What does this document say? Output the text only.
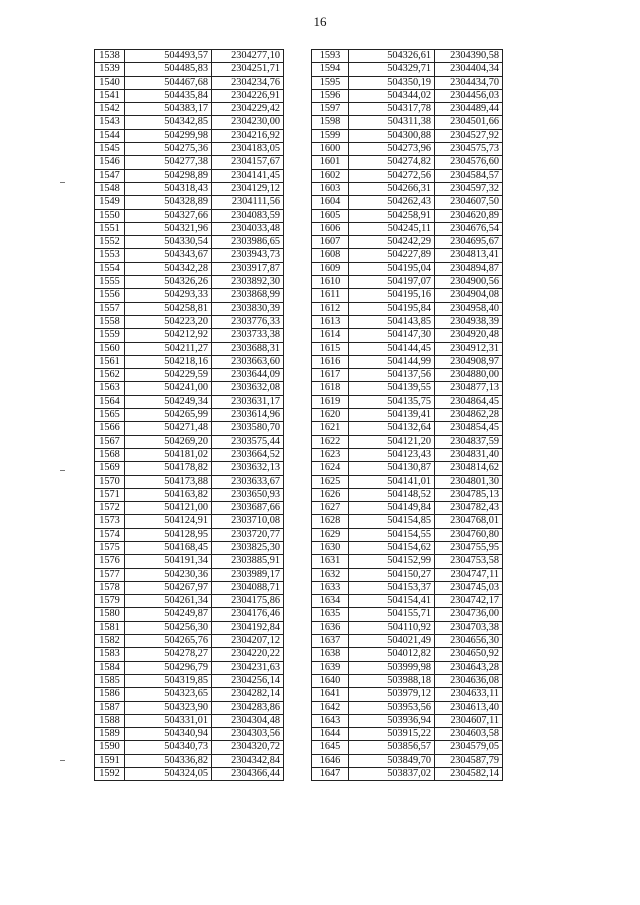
16
1538	504493,57	2304277,10
1539	504485,83	2304251,71
1540	504467,68	2304234,76
1541	504435,84	2304226,91
1542	504383,17	2304229,42
1543	504342,85	2304230,00
1544	504299,98	2304216,92
1545	504275,36	2304183,05
1546	504277,38	2304157,67
1547	504298,89	2304141,45
1548	504318,43	2304129,12
1549	504328,89	2304111,56
1550	504327,66	2304083,59
1551	504321,96	2304033,48
1552	504330,54	2303986,65
1553	504343,67	2303943,73
1554	504342,28	2303917,87
1555	504326,26	2303892,30
1556	504293,33	2303868,99
1557	504258,81	2303830,39
1558	504223,20	2303776,33
1559	504212,92	2303733,38
1560	504211,27	2303688,31
1561	504218,16	2303663,60
1562	504229,59	2303644,09
1563	504241,00	2303632,08
1564	504249,34	2303631,17
1565	504265,99	2303614,96
1566	504271,48	2303580,70
1567	504269,20	2303575,44
1568	504181,02	2303664,52
1569	504178,82	2303632,13
1570	504173,88	2303633,67
1571	504163,82	2303650,93
1572	504121,00	2303687,66
1573	504124,91	2303710,08
1574	504128,95	2303720,77
1575	504168,45	2303825,30
1576	504191,34	2303885,91
1577	504230,36	2303989,17
1578	504267,97	2304088,71
1579	504261,34	2304175,86
1580	504249,87	2304176,46
1581	504256,30	2304192,84
1582	504265,76	2304207,12
1583	504278,27	2304220,22
1584	504296,79	2304231,63
1585	504319,85	2304256,14
1586	504323,65	2304282,14
1587	504323,90	2304283,86
1588	504331,01	2304304,48
1589	504340,94	2304303,56
1590	504340,73	2304320,72
1591	504336,82	2304342,84
1592	504324,05	2304366,44
1593	504326,61	2304390,58
1594	504329,71	2304404,34
1595	504350,19	2304434,70
1596	504344,02	2304456,03
1597	504317,78	2304489,44
1598	504311,38	2304501,66
1599	504300,88	2304527,92
1600	504273,96	2304575,73
1601	504274,82	2304576,60
1602	504272,56	2304584,57
1603	504266,31	2304597,32
1604	504262,43	2304607,50
1605	504258,91	2304620,89
1606	504245,11	2304676,54
1607	504242,29	2304695,67
1608	504227,89	2304813,41
1609	504195,04	2304894,87
1610	504197,07	2304900,56
1611	504195,16	2304904,08
1612	504195,84	2304958,40
1613	504143,85	2304938,39
1614	504147,30	2304920,48
1615	504144,45	2304912,31
1616	504144,99	2304908,97
1617	504137,56	2304880,00
1618	504139,55	2304877,13
1619	504135,75	2304864,45
1620	504139,41	2304862,28
1621	504132,64	2304854,45
1622	504121,20	2304837,59
1623	504123,43	2304831,40
1624	504130,87	2304814,62
1625	504141,01	2304801,30
1626	504148,52	2304785,13
1627	504149,84	2304782,43
1628	504154,85	2304768,01
1629	504154,55	2304760,80
1630	504154,62	2304755,95
1631	504152,99	2304753,58
1632	504150,27	2304747,11
1633	504153,37	2304745,03
1634	504154,41	2304742,17
1635	504155,71	2304736,00
1636	504110,92	2304703,38
1637	504021,49	2304656,30
1638	504012,82	2304650,92
1639	503999,98	2304643,28
1640	503988,18	2304636,08
1641	503979,12	2304633,11
1642	503953,56	2304613,40
1643	503936,94	2304607,11
1644	503915,22	2304603,58
1645	503856,57	2304579,05
1646	503849,70	2304587,79
1647	503837,02	2304582,14
